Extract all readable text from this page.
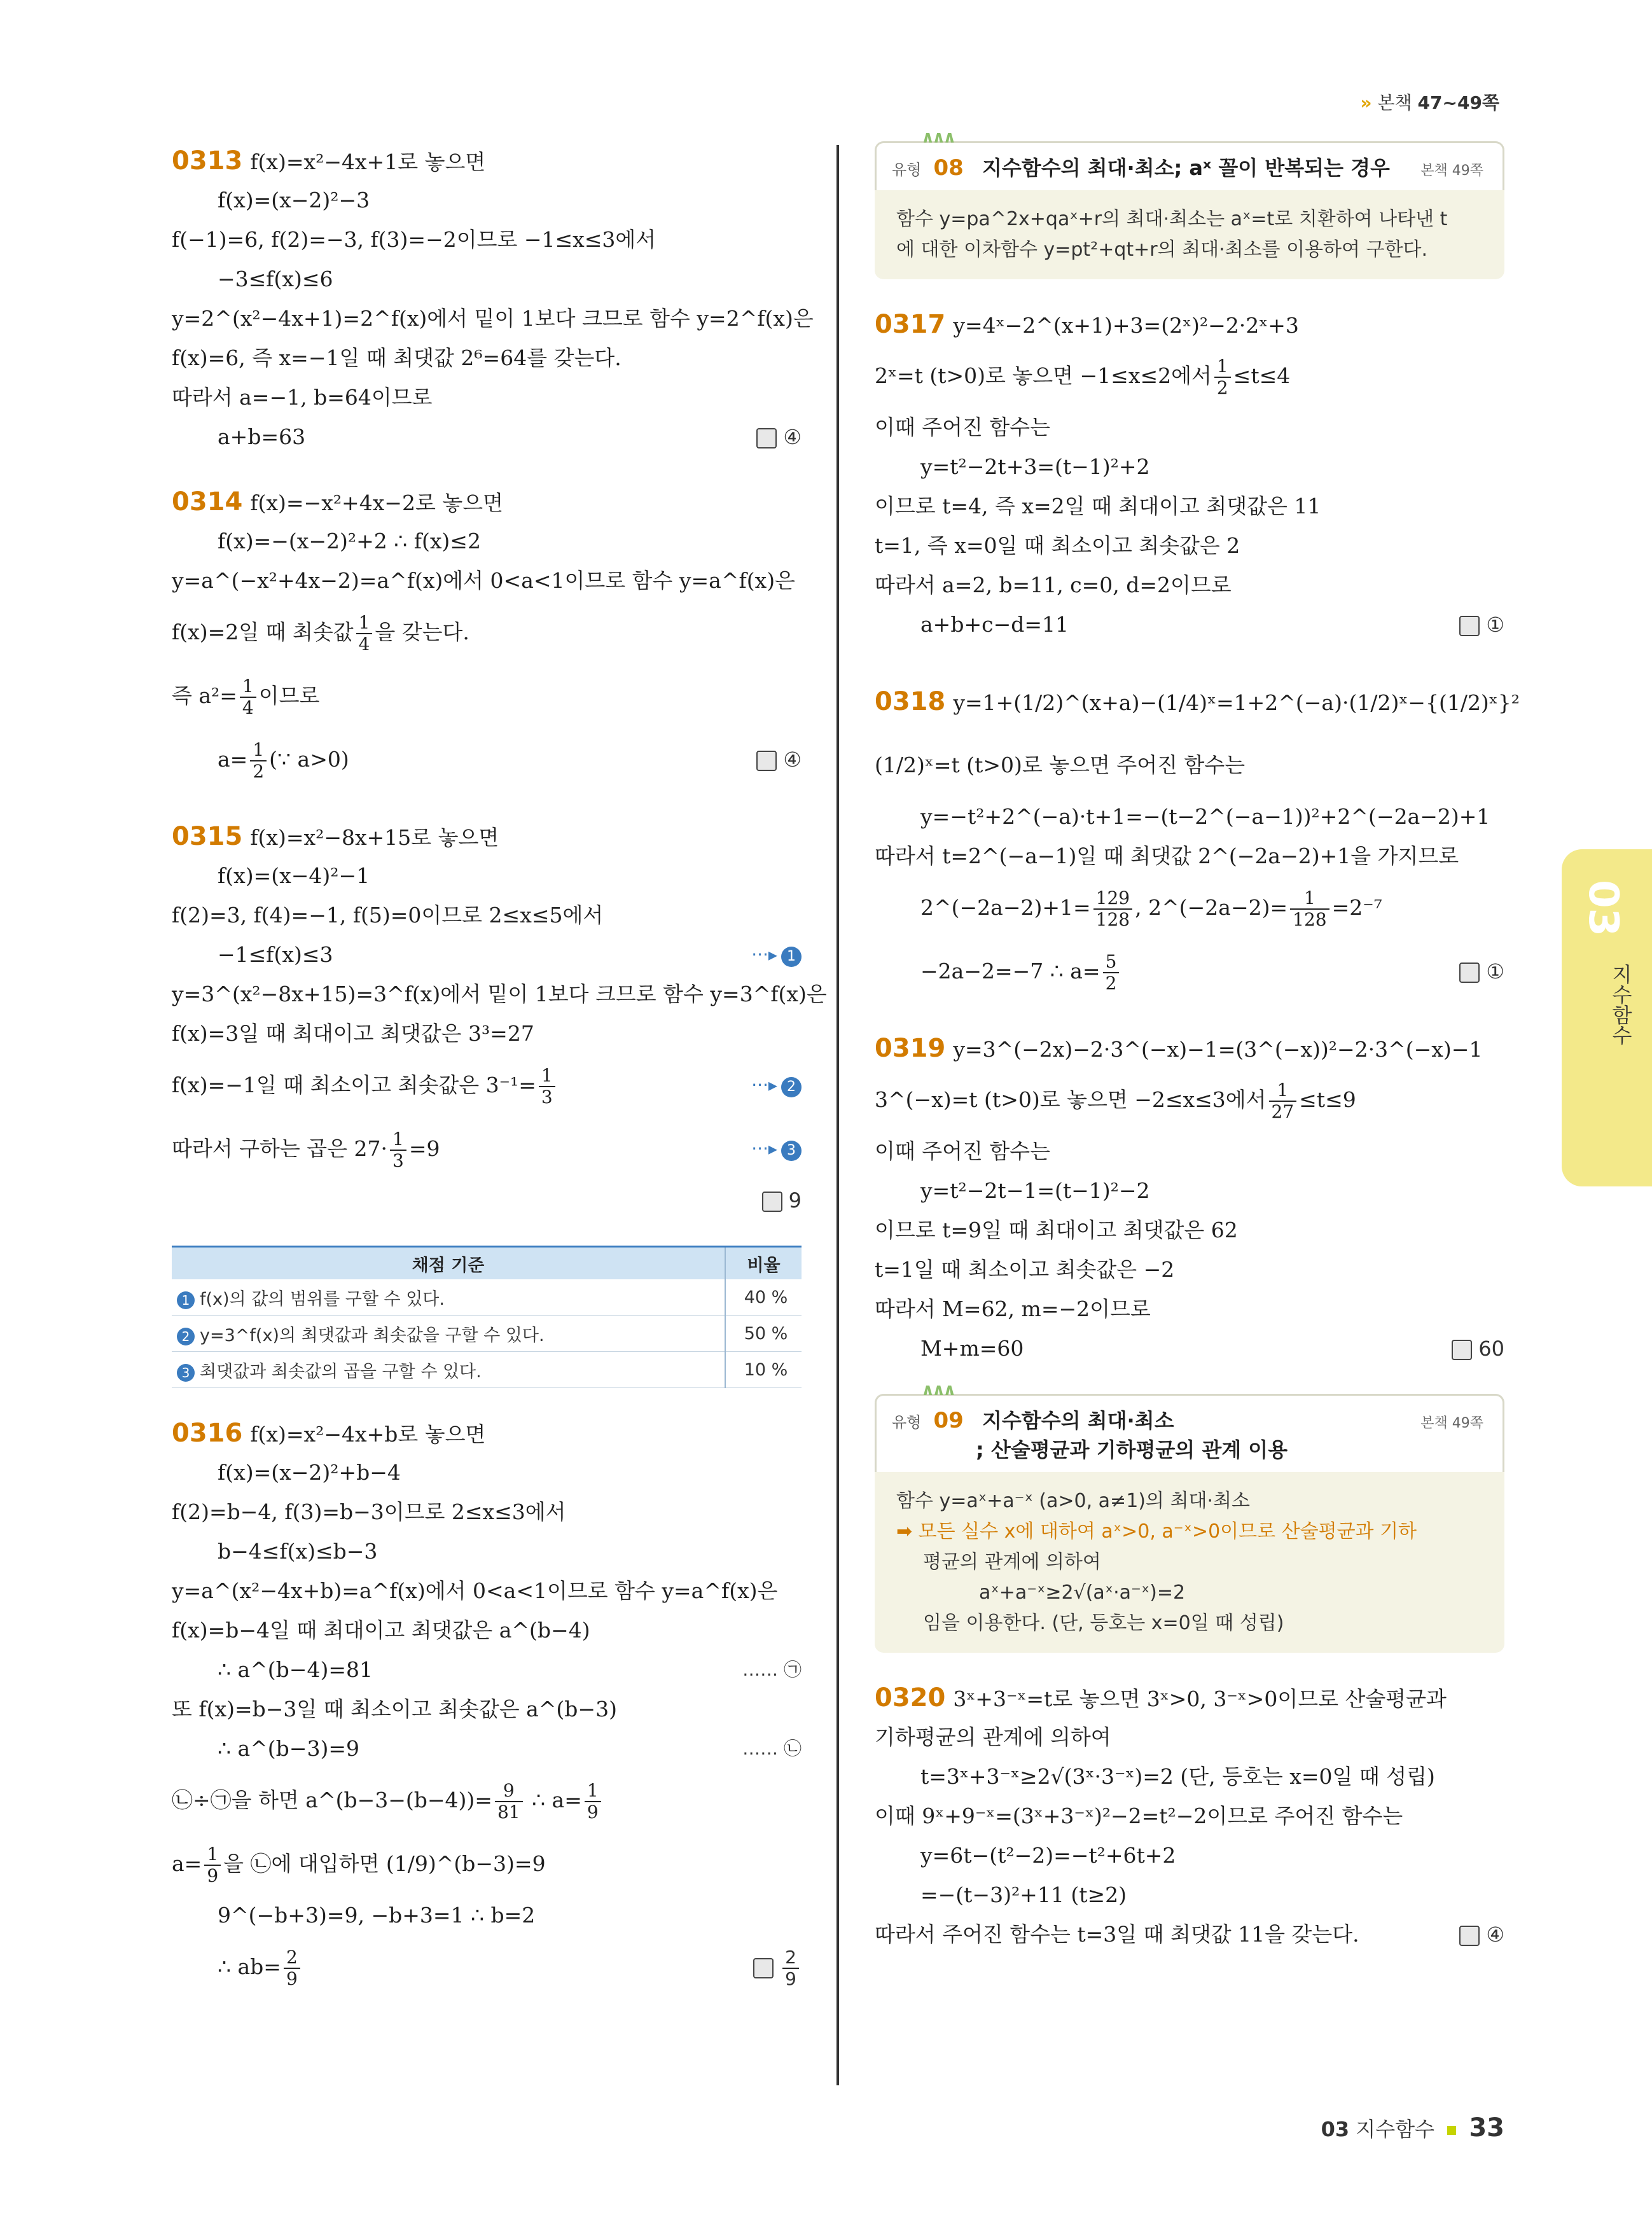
» 본책 47~49쪽
0313 f(x)=x²−4x+1로 놓으면
f(x)=(x−2)²−3
f(−1)=6, f(2)=−3, f(3)=−2이므로 −1≤x≤3에서
−3≤f(x)≤6
y=2^(x²−4x+1)=2^f(x)에서 밑이 1보다 크므로 함수 y=2^f(x)은
f(x)=6, 즉 x=−1일 때 최댓값 2⁶=64를 갖는다.
따라서 a=−1, b=64이므로
a+b=63	④
0314 f(x)=−x²+4x−2로 놓으면
f(x)=−(x−2)²+2 ∴ f(x)≤2
y=a^(−x²+4x−2)=a^f(x)에서 0<a<1이므로 함수 y=a^f(x)은
f(x)=2일 때 최솟값 $\frac{1}{4}$ 을 갖는다.
즉 $a^2= \frac{1}{4}$ 이므로
$a= \frac{1}{2}$ (∵ a>0)	④
0315 f(x)=x²−8x+15로 놓으면
f(x)=(x−4)²−1
f(2)=3, f(4)=−1, f(5)=0이므로 2≤x≤5에서
−1≤f(x)≤3	···▸ 1
y=3^(x²−8x+15)=3^f(x)에서 밑이 1보다 크므로 함수 y=3^f(x)은
f(x)=3일 때 최대이고 최댓값은 3³=27
f(x)=−1일 때 최소이고 최솟값은 $3^{-1}= \frac{1}{3}$	···▸ 2
따라서 구하는 곱은 $27\cdot \frac{1}{3} =9$	···▸ 3
9
채점 기준	비율
1 f(x)의 값의 범위를 구할 수 있다.	40 %
2 y=3^f(x)의 최댓값과 최솟값을 구할 수 있다.	50 %
3 최댓값과 최솟값의 곱을 구할 수 있다.	10 %
0316 f(x)=x²−4x+b로 놓으면
f(x)=(x−2)²+b−4
f(2)=b−4, f(3)=b−3이므로 2≤x≤3에서
b−4≤f(x)≤b−3
y=a^(x²−4x+b)=a^f(x)에서 0<a<1이므로 함수 y=a^f(x)은
f(x)=b−4일 때 최대이고 최댓값은 a^(b−4)
∴ a^(b−4)=81	…… ㉠
또 f(x)=b−3일 때 최소이고 최솟값은 a^(b−3)
∴ a^(b−3)=9	…… ㉡
㉡÷㉠을 하면 a^(b−3−(b−4))= $\frac{9}{81}$ ∴ $a= \frac{1}{9}$
$a= \frac{1}{9}$ 을 ㉡에 대입하면 (1/9)^(b−3)=9
9^(−b+3)=9, −b+3=1 ∴ b=2
∴ $ab= \frac{2}{9}$	$\frac{2}{9}$
∧∧∧
유형 08 지수함수의 최대·최소; aˣ 꼴이 반복되는 경우 본책 49쪽
함수 y=pa^2x+qaˣ+r의 최대·최소는 aˣ=t로 치환하여 나타낸 t
에 대한 이차함수 y=pt²+qt+r의 최대·최소를 이용하여 구한다.
0317 y=4ˣ−2^(x+1)+3=(2ˣ)²−2·2ˣ+3
2ˣ=t (t>0)로 놓으면 −1≤x≤2에서 $\frac{1}{2} \le t\le 4$
이때 주어진 함수는
y=t²−2t+3=(t−1)²+2
이므로 t=4, 즉 x=2일 때 최대이고 최댓값은 11
t=1, 즉 x=0일 때 최소이고 최솟값은 2
따라서 a=2, b=11, c=0, d=2이므로
a+b+c−d=11	①
0318 y=1+(1/2)^(x+a)−(1/4)ˣ=1+2^(−a)·(1/2)ˣ−{(1/2)ˣ}²
(1/2)ˣ=t (t>0)로 놓으면 주어진 함수는
y=−t²+2^(−a)·t+1=−(t−2^(−a−1))²+2^(−2a−2)+1
따라서 t=2^(−a−1)일 때 최댓값 2^(−2a−2)+1을 가지므로
2^(−2a−2)+1= $\frac{129}{128}$ , 2^(−2a−2)= $\frac{1}{128} =2^{-7}$
−2a−2=−7 ∴ $a= \frac{5}{2}$	①
0319 y=3^(−2x)−2·3^(−x)−1=(3^(−x))²−2·3^(−x)−1
3^(−x)=t (t>0)로 놓으면 −2≤x≤3에서 $\frac{1}{27} \le t\le 9$
이때 주어진 함수는
y=t²−2t−1=(t−1)²−2
이므로 t=9일 때 최대이고 최댓값은 62
t=1일 때 최소이고 최솟값은 −2
따라서 M=62, m=−2이므로
M+m=60	60
∧∧∧
유형 09 지수함수의 최대·최소	본책 49쪽
; 산술평균과 기하평균의 관계 이용
함수 y=aˣ+a⁻ˣ (a>0, a≠1)의 최대·최소
➡ 모든 실수 x에 대하여 aˣ>0, a⁻ˣ>0이므로 산술평균과 기하
평균의 관계에 의하여
aˣ+a⁻ˣ≥2√(aˣ·a⁻ˣ)=2
임을 이용한다. (단, 등호는 x=0일 때 성립)
0320 3ˣ+3⁻ˣ=t로 놓으면 3ˣ>0, 3⁻ˣ>0이므로 산술평균과
기하평균의 관계에 의하여
t=3ˣ+3⁻ˣ≥2√(3ˣ·3⁻ˣ)=2 (단, 등호는 x=0일 때 성립)
이때 9ˣ+9⁻ˣ=(3ˣ+3⁻ˣ)²−2=t²−2이므로 주어진 함수는
y=6t−(t²−2)=−t²+6t+2
=−(t−3)²+11 (t≥2)
따라서 주어진 함수는 t=3일 때 최댓값 11을 갖는다.	④
03
지수함수
03 지수함수 33
